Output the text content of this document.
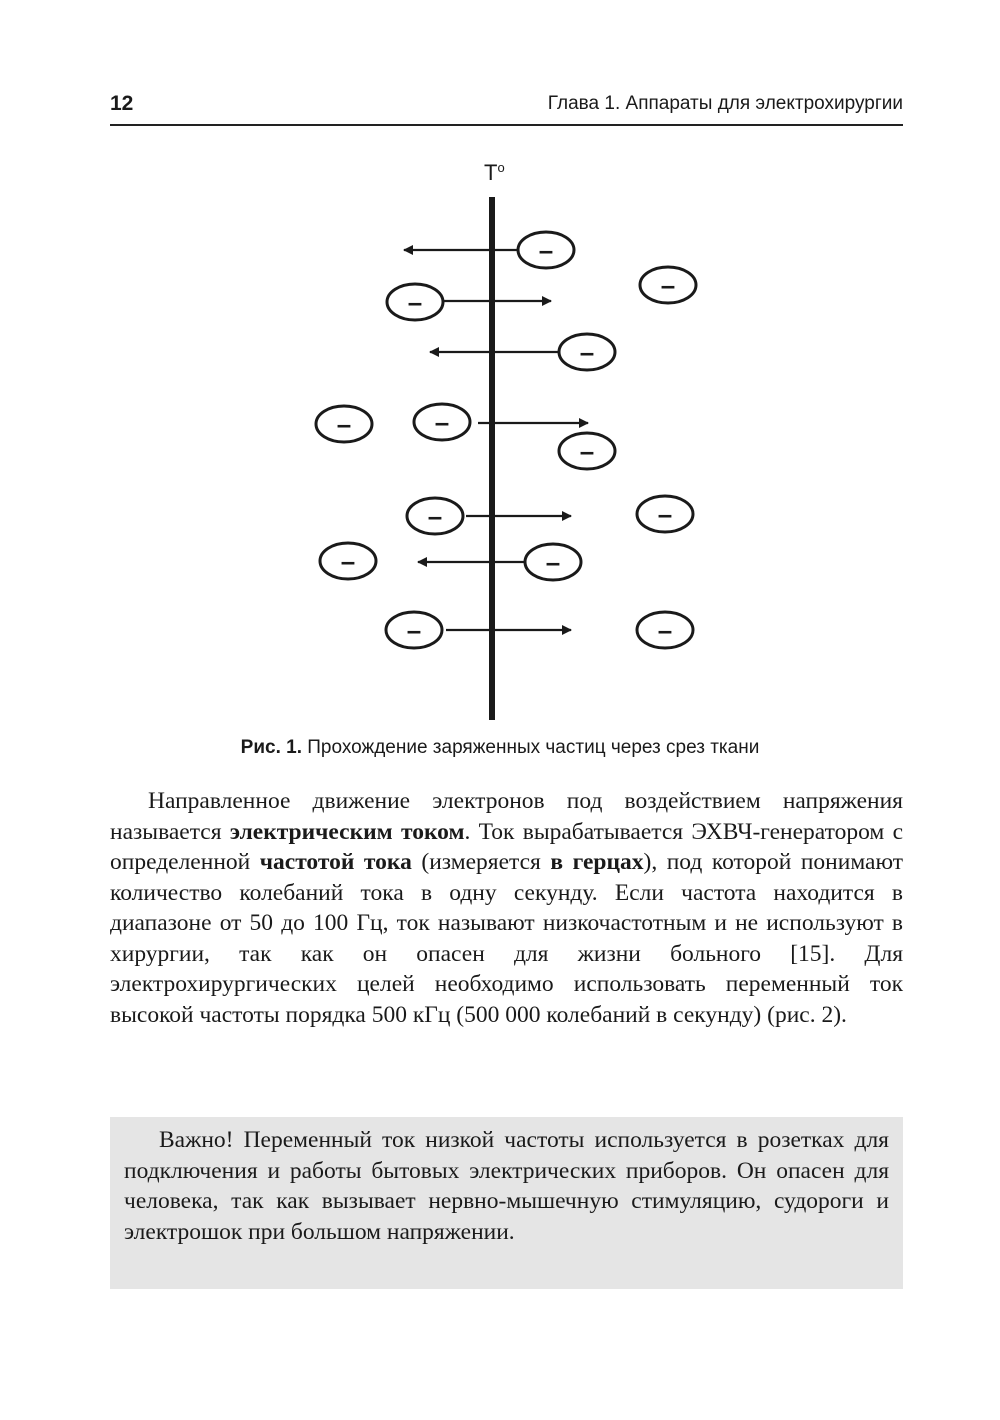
12	Глава 1. Аппараты для электрохирургии
$T^o$
–
–
–
–
–	–
–
–	–
–	–
–	–
Рис. 1. Прохождение заряженных частиц через срез ткани

Направленное движение электронов под воздействием напряжения называется электрическим током. Ток вырабатывается ЭХВЧ-генератором с определенной частотой тока (измеряется в герцах), под которой понимают количество колебаний тока в одну секунду. Если частота находится в диапазоне от 50 до 100 Гц, ток называют низкочастотным и не используют в хирургии, так как он опасен для жизни больного [15]. Для электрохирургических целей необходимо использовать переменный ток высокой частоты порядка 500 кГц (500 000 колебаний в секунду) (рис. 2).

Важно! Переменный ток низкой частоты используется в розетках для подключения и работы бытовых электрических приборов. Он опасен для человека, так как вызывает нервно-мышечную стимуляцию, судороги и электрошок при большом напряжении.
